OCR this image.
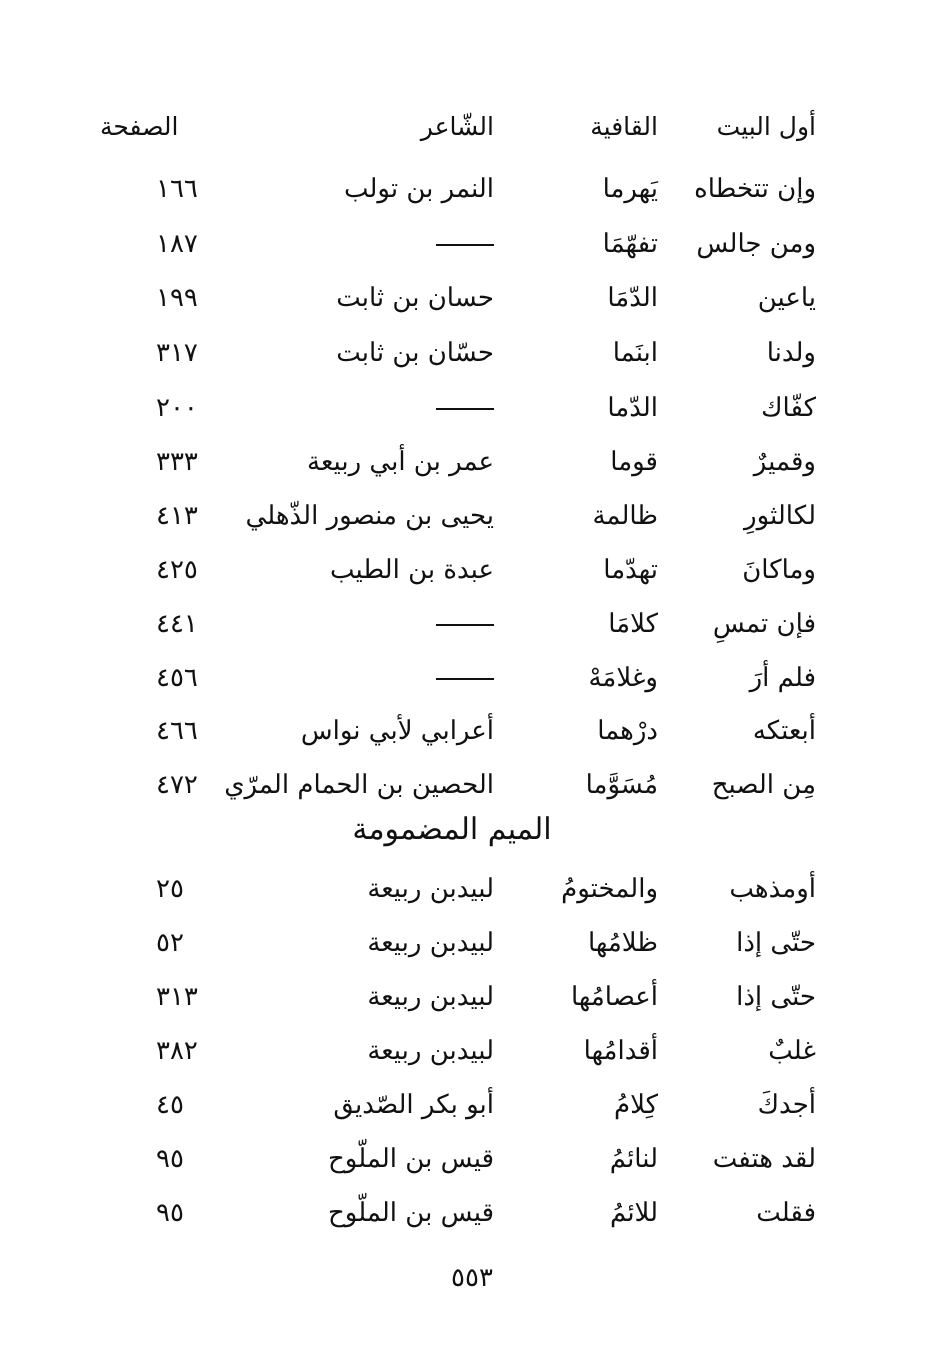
أول البيت
القافية
الشّاعر
الصفحة
وإن تتخطاه
يَهرما
النمر بن تولب
١٦٦
ومن جالس
تفهّمَا
١٨٧
ياعين
الدّمَا
حسان بن ثابت
١٩٩
ولدنا
ابنَما
حسّان بن ثابت
٣١٧
كفّاك
الدّما
٢٠٠
وقميرٌ
قوما
عمر بن أبي ربيعة
٣٣٣
لكالثورِ
ظالمة
يحيى بن منصور الذّهلي
٤١٣
وماكانَ
تهدّما
عبدة بن الطيب
٤٢٥
فإن تمسِ
كلامَا
٤٤١
فلم أرَ
وغلامَهْ
٤٥٦
أبعتكه
درْهما
أعرابي لأبي نواس
٤٦٦
مِن الصبح
مُسَوَّما
الحصين بن الحمام المرّي
٤٧٢
الميم المضمومة
أومذهب
والمختومُ
لبيدبن ربيعة
٢٥
حتّى إذا
ظلامُها
لبيدبن ربيعة
٥٢
حتّى إذا
أعصامُها
لبيدبن ربيعة
٣١٣
غلبٌ
أقدامُها
لبيدبن ربيعة
٣٨٢
أجدكَ
كِلامُ
أبو بكر الصّديق
٤٥
لقد هتفت
لنائمُ
قيس بن الملّوح
٩٥
فقلت
للائمُ
قيس بن الملّوح
٩٥
٥٥٣
